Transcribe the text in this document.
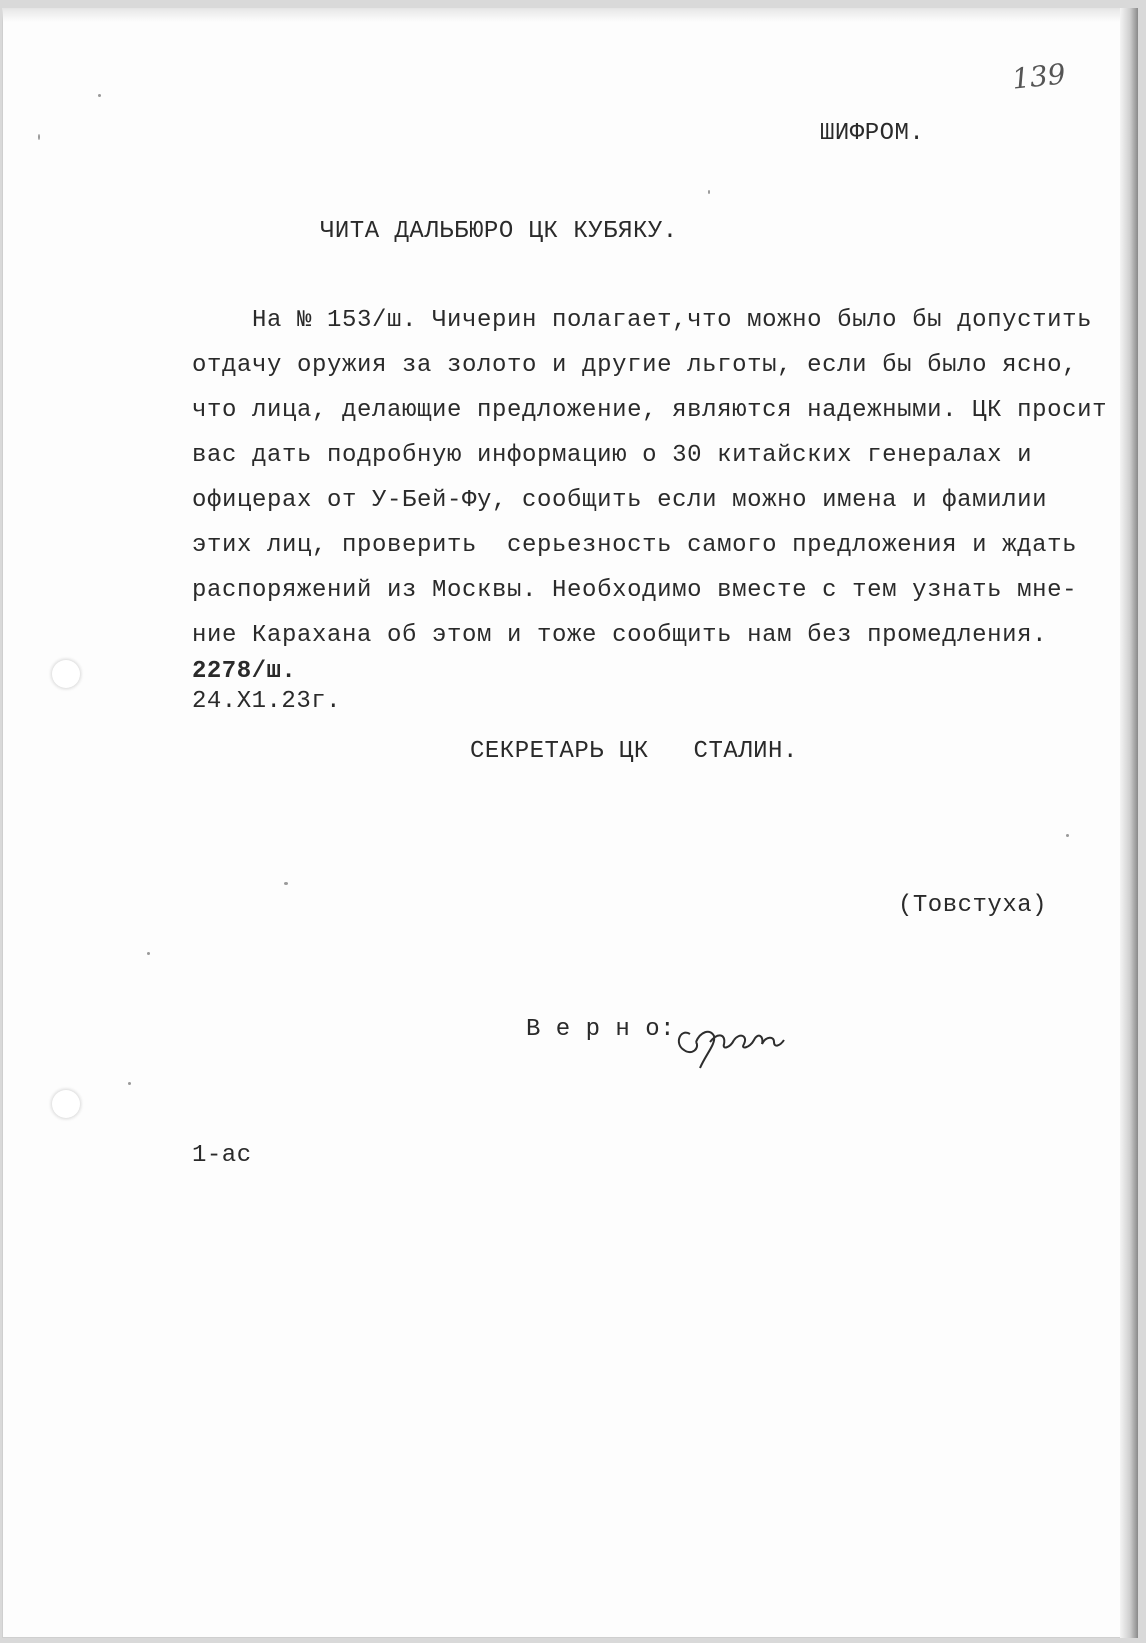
139
ШИФРОМ.
ЧИТА ДАЛЬБЮРО ЦК КУБЯКУ.
На № 153/ш. Чичерин полагает,что можно было бы допустить
отдачу оружия за золото и другие льготы, если бы было ясно,
что лица, делающие предложение, являются надежными. ЦК просит
вас дать подробную информацию о 30 китайских генералах и
офицерах от У-Бей-Фу, сообщить если можно имена и фамилии
этих лиц, проверить  серьезность самого предложения и ждать
распоряжений из Москвы. Необходимо вместе с тем узнать мне-
ние Карахана об этом и тоже сообщить нам без промедления.
2278/ш.
24.Х1.23г.
СЕКРЕТАРЬ ЦК   СТАЛИН.
(Товстуха)
В е р н о:
1-ас
